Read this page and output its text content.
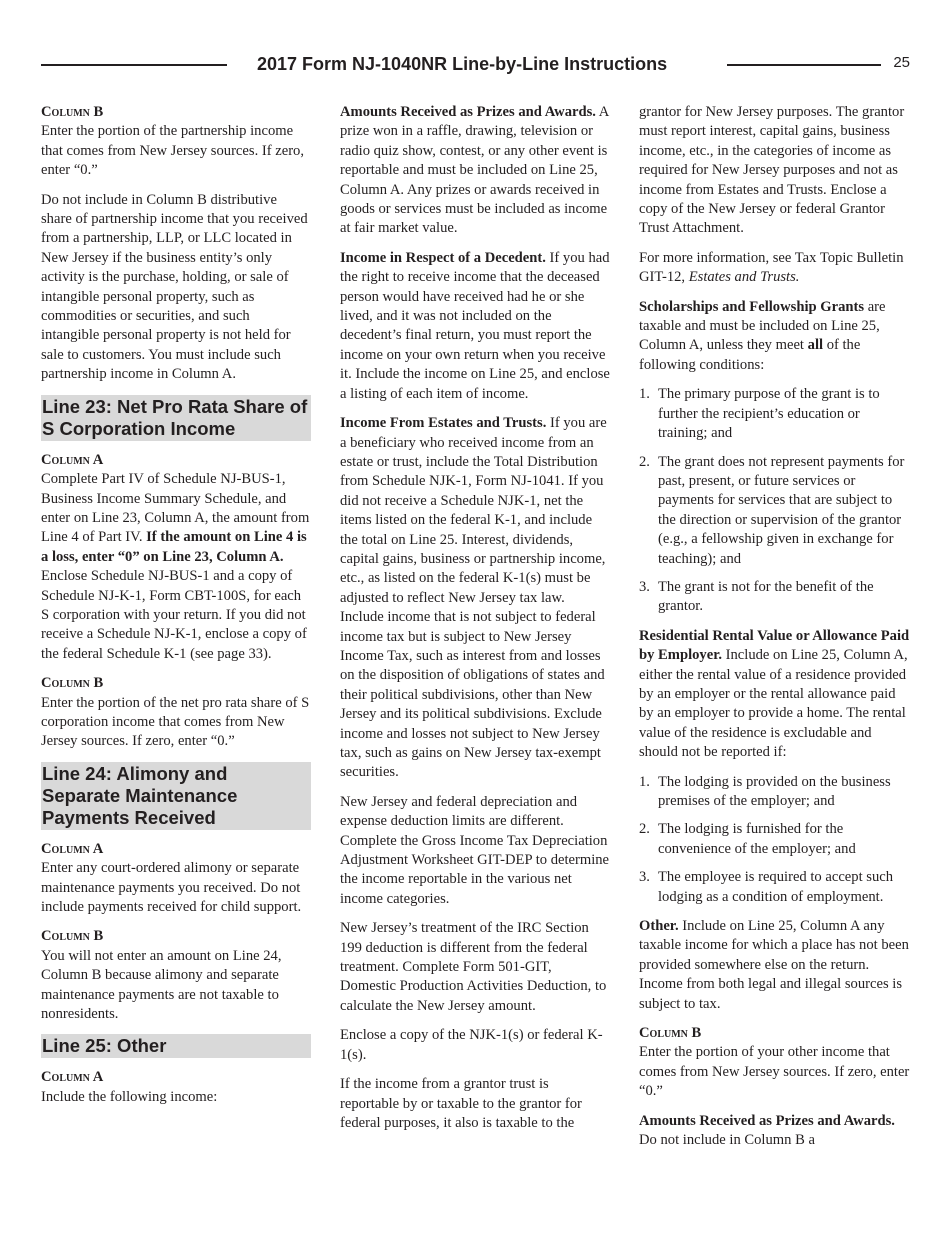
2017 Form NJ-1040NR Line-by-Line Instructions	25

Column B

Enter the portion of the partnership income that comes from New Jersey sources. If zero, enter “0.”

Do not include in Column B distributive share of partnership income that you received from a partnership, LLP, or LLC located in New Jersey if the business entity’s only activity is the purchase, holding, or sale of intangible personal property, such as commodities or securities, and such intangible personal property is not held for sale to customers. You must include such partnership income in Column A.

Line 23: Net Pro Rata Share of S Corporation Income

Column A

Complete Part IV of Schedule NJ-BUS-1, Business Income Summary Schedule, and enter on Line 23, Column A, the amount from Line 4 of Part IV. If the amount on Line 4 is a loss, enter “0” on Line 23, Column A. Enclose Schedule NJ-BUS-1 and a copy of Schedule NJ-K-1, Form CBT-100S, for each S corporation with your return. If you did not receive a Schedule NJ-K-1, enclose a copy of the federal Schedule K-1 (see page 33).

Column B

Enter the portion of the net pro rata share of S corporation income that comes from New Jersey sources. If zero, enter “0.”

Line 24: Alimony and Separate Maintenance Payments Received

Column A

Enter any court-ordered alimony or separate maintenance payments you received. Do not include payments received for child support.

Column B

You will not enter an amount on Line 24, Column B because alimony and separate maintenance payments are not taxable to nonresidents.

Line 25: Other

Column A

Include the following income:

Amounts Received as Prizes and Awards. A prize won in a raffle, drawing, television or radio quiz show, contest, or any other event is reportable and must be included on Line 25, Column A. Any prizes or awards received in goods or services must be included as income at fair market value.

Income in Respect of a Decedent. If you had the right to receive income that the deceased person would have received had he or she lived, and it was not included on the decedent’s final return, you must report the income on your own return when you receive it. Include the income on Line 25, and enclose a listing of each item of income.

Income From Estates and Trusts. If you are a beneficiary who received income from an estate or trust, include the Total Distribution from Schedule NJK-1, Form NJ-1041. If you did not receive a Schedule NJK-1, net the items listed on the federal K-1, and include the total on Line 25. Interest, dividends, capital gains, business or partnership income, etc., as listed on the federal K-1(s) must be adjusted to reflect New Jersey tax law. Include income that is not subject to federal income tax but is subject to New Jersey Income Tax, such as interest from and losses on the disposition of obligations of states and their political subdivisions, other than New Jersey and its political subdivisions. Exclude income and losses not subject to New Jersey tax, such as gains on New Jersey tax-exempt securities.

New Jersey and federal depreciation and expense deduction limits are different. Complete the Gross Income Tax Depreciation Adjustment Worksheet GIT-DEP to determine the income reportable in the various net income categories.

New Jersey’s treatment of the IRC Section 199 deduction is different from the federal treatment. Complete Form 501-GIT, Domestic Production Activities Deduction, to calculate the New Jersey amount.

Enclose a copy of the NJK-1(s) or federal K-1(s).

If the income from a grantor trust is reportable by or taxable to the grantor for federal purposes, it also is taxable to the

grantor for New Jersey purposes. The grantor must report interest, capital gains, business income, etc., in the categories of income as required for New Jersey purposes and not as income from Estates and Trusts. Enclose a copy of the New Jersey or federal Grantor Trust Attachment.

For more information, see Tax Topic Bulletin GIT-12, Estates and Trusts.

Scholarships and Fellowship Grants are taxable and must be included on Line 25, Column A, unless they meet all of the following conditions:

1. The primary purpose of the grant is to further the recipient’s education or training; and
2. The grant does not represent payments for past, present, or future services or payments for services that are subject to the direction or supervision of the grantor (e.g., a fellowship given in exchange for teaching); and
3. The grant is not for the benefit of the grantor.

Residential Rental Value or Allowance Paid by Employer. Include on Line 25, Column A, either the rental value of a residence provided by an employer or the rental allowance paid by an employer to provide a home. The rental value of the residence is excludable and should not be reported if:

1. The lodging is provided on the business premises of the employer; and
2. The lodging is furnished for the convenience of the employer; and
3. The employee is required to accept such lodging as a condition of employment.

Other. Include on Line 25, Column A any taxable income for which a place has not been provided somewhere else on the return. Income from both legal and illegal sources is subject to tax.

Column B

Enter the portion of your other income that comes from New Jersey sources. If zero, enter “0.”

Amounts Received as Prizes and Awards. Do not include in Column B a
